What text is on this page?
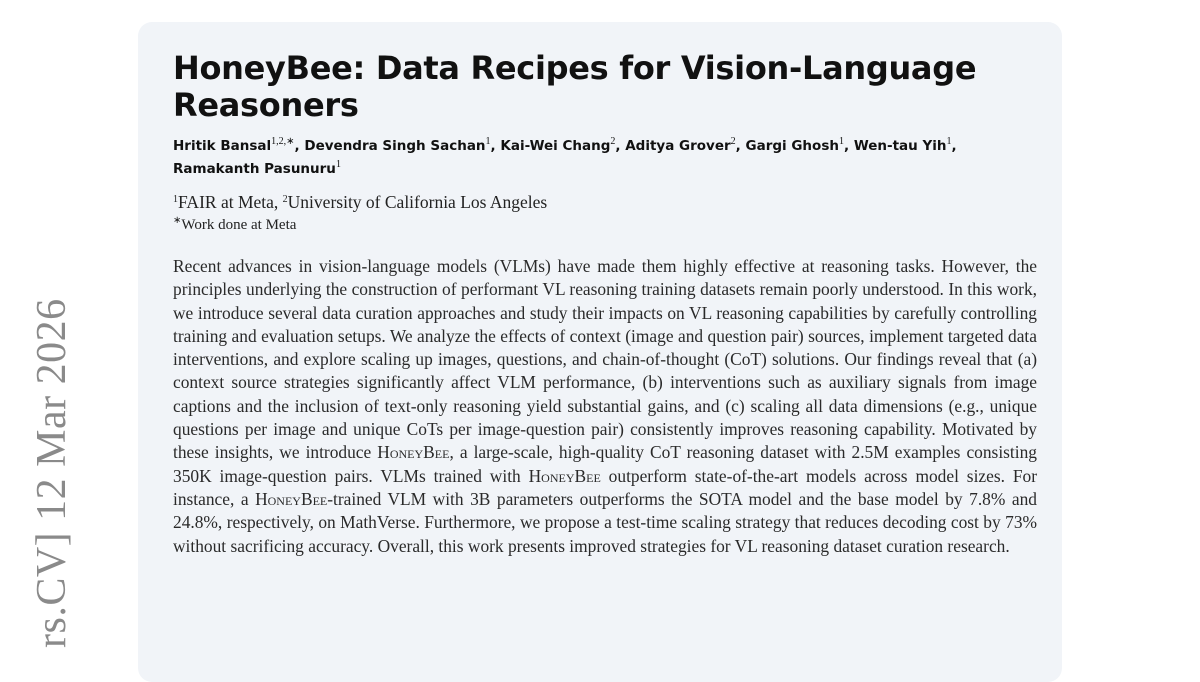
rs.CV] 12 Mar 2026
HoneyBee: Data Recipes for Vision-Language Reasoners
Hritik Bansal$^{1,2,∗}$, Devendra Singh Sachan$^1$, Kai-Wei Chang$^2$, Aditya Grover$^2$, Gargi Ghosh$^1$, Wen-tau Yih$^1$, Ramakanth Pasunuru$^1$
$^1$FAIR at Meta, $^2$University of California Los Angeles
∗Work done at Meta
Recent advances in vision-language models (VLMs) have made them highly effective at reasoning tasks. However, the principles underlying the construction of performant VL reasoning training datasets remain poorly understood. In this work, we introduce several data curation approaches and study their impacts on VL reasoning capabilities by carefully controlling training and evaluation setups. We analyze the effects of context (image and question pair) sources, implement targeted data interventions, and explore scaling up images, questions, and chain-of-thought (CoT) solutions. Our findings reveal that (a) context source strategies significantly affect VLM performance, (b) interventions such as auxiliary signals from image captions and the inclusion of text-only reasoning yield substantial gains, and (c) scaling all data dimensions (e.g., unique questions per image and unique CoTs per image-question pair) consistently improves reasoning capability. Motivated by these insights, we introduce HoneyBee, a large-scale, high-quality CoT reasoning dataset with 2.5M examples consisting 350K image-question pairs. VLMs trained with HoneyBee outperform state-of-the-art models across model sizes. For instance, a HoneyBee-trained VLM with 3B parameters outperforms the SOTA model and the base model by 7.8% and 24.8%, respectively, on MathVerse. Furthermore, we propose a test-time scaling strategy that reduces decoding cost by 73% without sacrificing accuracy. Overall, this work presents improved strategies for VL reasoning dataset curation research.
